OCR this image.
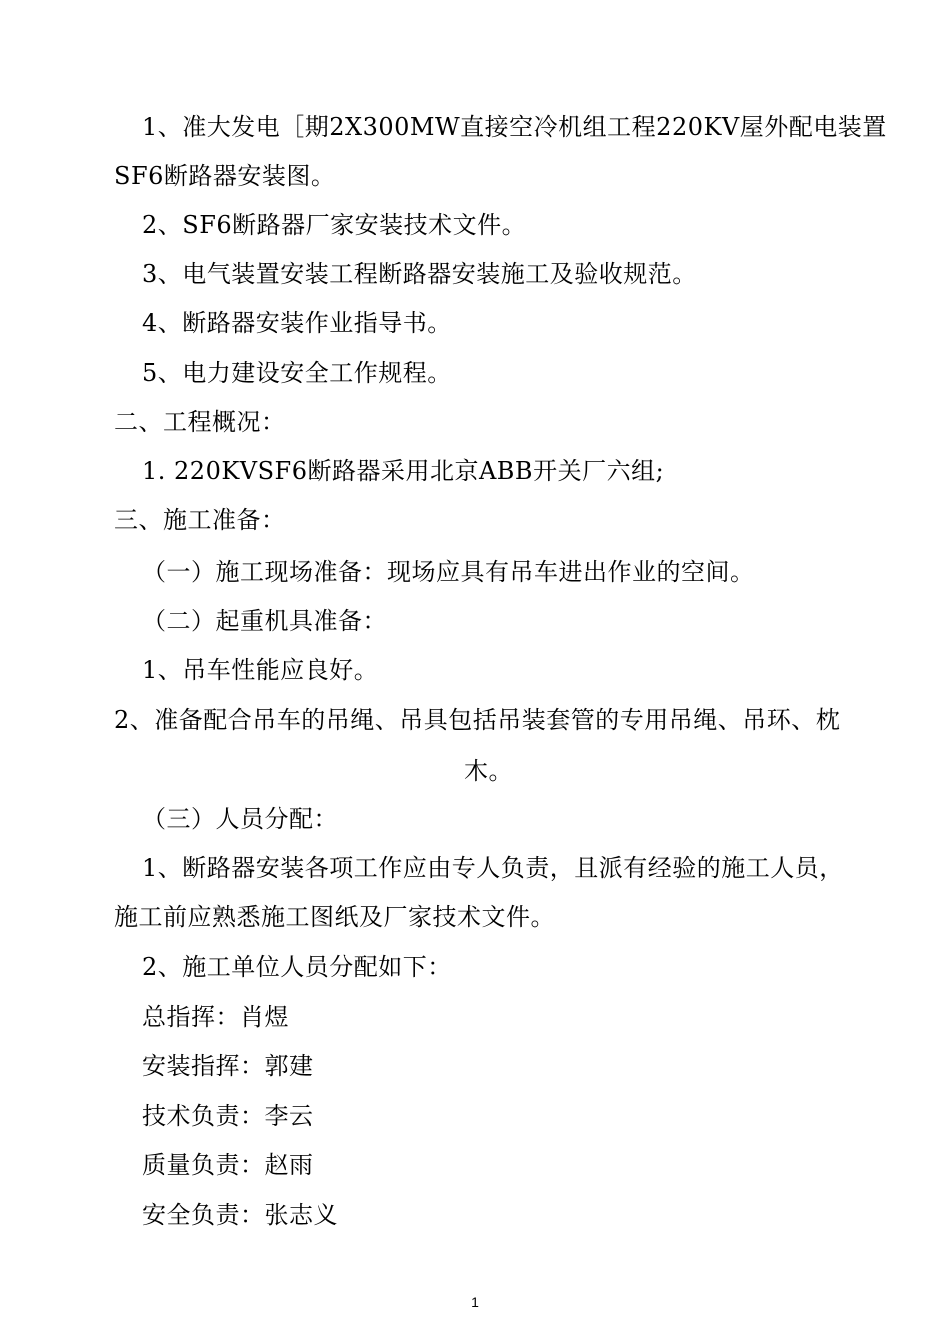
1、准大发电［期2X300MW直接空冷机组工程220KV屋外配电装置
SF6断路器安装图。
2、SF6断路器厂家安装技术文件。
3、电气装置安装工程断路器安装施工及验收规范。
4、断路器安装作业指导书。
5、电力建设安全工作规程。
二、工程概况：
1. 220KVSF6断路器采用北京ABB开关厂六组;
三、施工准备：
（一）施工现场准备：现场应具有吊车进出作业的空间。
（二）起重机具准备：
1、吊车性能应良好。
2、准备配合吊车的吊绳、吊具包括吊装套管的专用吊绳、吊环、枕
木。
（三）人员分配：
1、断路器安装各项工作应由专人负责，且派有经验的施工人员，
施工前应熟悉施工图纸及厂家技术文件。
2、施工单位人员分配如下：
总指挥：肖煜
安装指挥：郭建
技术负责：李云
质量负责：赵雨
安全负责：张志义
1
